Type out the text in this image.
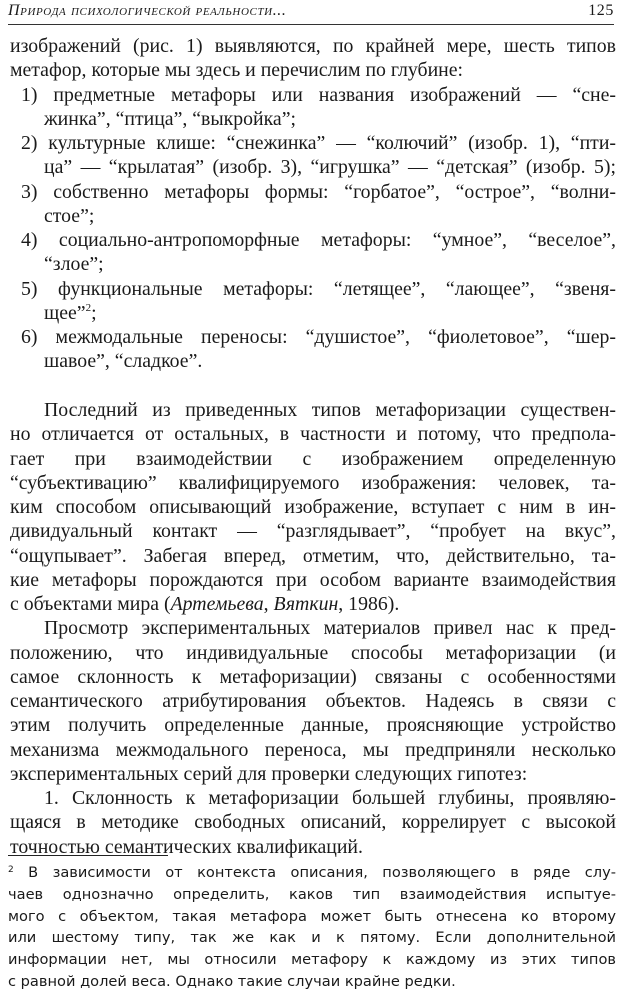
Природа психологической реальности...	125
изображений (рис. 1) выявляются, по крайней мере, шесть типов
метафор, которые мы здесь и перечислим по глубине:
1) предметные метафоры или названия изображений — “сне-
жинка”, “птица”, “выкройка”;
2) культурные клише: “снежинка” — “колючий” (изобр. 1), “пти-
ца” — “крылатая” (изобр. 3), “игрушка” — “детская” (изобр. 5);
3) собственно метафоры формы: “горбатое”, “острое”, “волни-
стое”;
4) социально-антропоморфные метафоры: “умное”, “веселое”,
“злое”;
5) функциональные метафоры: “летящее”, “лающее”, “звеня-
щее”$^2$;
6) межмодальные переносы: “душистое”, “фиолетовое”, “шер-
шавое”, “сладкое”.
Последний из приведенных типов метафоризации существен-
но отличается от остальных, в частности и потому, что предпола-
гает при взаимодействии с изображением определенную
“субъективацию” квалифицируемого изображения: человек, та-
ким способом описывающий изображение, вступает с ним в ин-
дивидуальный контакт — “разглядывает”, “пробует на вкус”,
“ощупывает”. Забегая вперед, отметим, что, действительно, та-
кие метафоры порождаются при особом варианте взаимодействия
с объектами мира (Артемьева, Вяткин, 1986).
Просмотр экспериментальных материалов привел нас к пред-
положению, что индивидуальные способы метафоризации (и
самое склонность к метафоризации) связаны с особенностями
семантического атрибутирования объектов. Надеясь в связи с
этим получить определенные данные, проясняющие устройство
механизма межмодального переноса, мы предприняли несколько
экспериментальных серий для проверки следующих гипотез:
1. Склонность к метафоризации большей глубины, проявляю-
щаяся в методике свободных описаний, коррелирует с высокой
точностью семантических квалификаций.
$^2$ В зависимости от контекста описания, позволяющего в ряде слу-
чаев однозначно определить, каков тип взаимодействия испытуе-
мого с объектом, такая метафора может быть отнесена ко второму
или шестому типу, так же как и к пятому. Если дополнительной
информации нет, мы относили метафору к каждому из этих типов
с равной долей веса. Однако такие случаи крайне редки.
